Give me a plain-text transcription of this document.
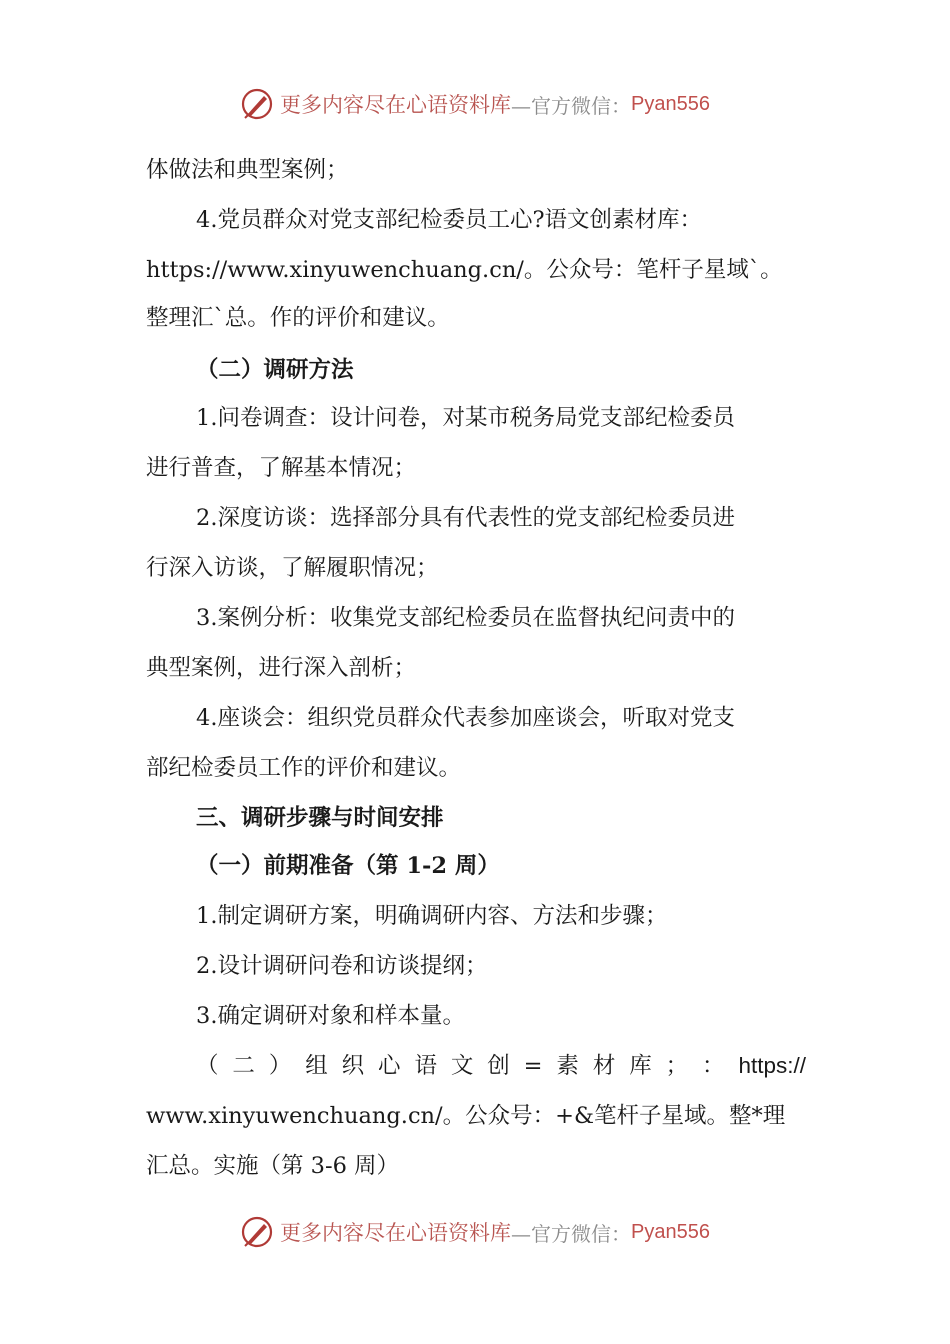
更多内容尽在心语资料库 —官方微信： Pyan556
体做法和典型案例；
4.党员群众对党支部纪检委员工心?语文创素材库：
https://www.xinyuwenchuang.cn/。公众号：笔杆子星域`。
整理汇`总。作的评价和建议。
（二）调研方法
1.问卷调查：设计问卷，对某市税务局党支部纪检委员
进行普查，了解基本情况；
2.深度访谈：选择部分具有代表性的党支部纪检委员进
行深入访谈，了解履职情况；
3.案例分析：收集党支部纪检委员在监督执纪问责中的
典型案例，进行深入剖析；
4.座谈会：组织党员群众代表参加座谈会，听取对党支
部纪检委员工作的评价和建议。
三、调研步骤与时间安排
（一）前期准备（第 1-2 周）
1.制定调研方案，明确调研内容、方法和步骤；
2.设计调研问卷和访谈提纲；
3.确定调研对象和样本量。
（ 二 ） 组 织 心 语 文 创 = 素 材 库 ； ： https://
www.xinyuwenchuang.cn/。公众号：+&笔杆子星域。整*理
汇总。实施（第 3-6 周）
更多内容尽在心语资料库 —官方微信： Pyan556
